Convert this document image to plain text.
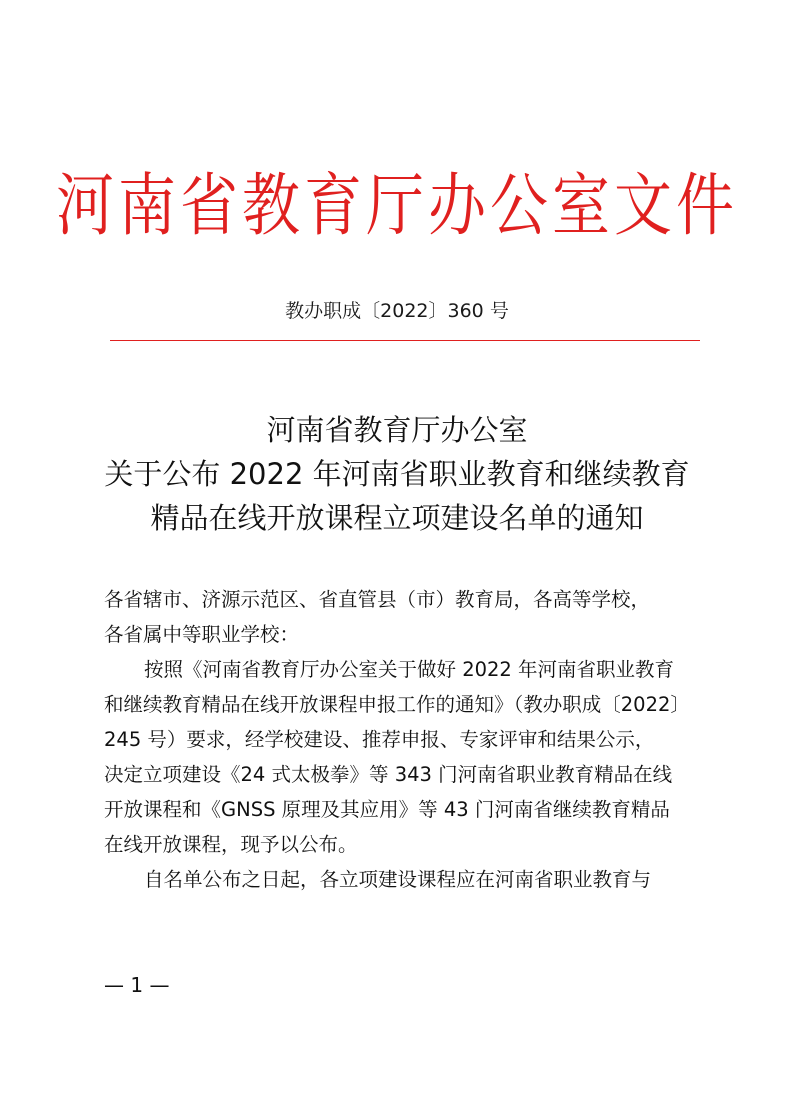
河南省教育厅办公室文件
教办职成〔2022〕360 号
河南省教育厅办公室
关于公布 2022 年河南省职业教育和继续教育
精品在线开放课程立项建设名单的通知

各省辖市、济源示范区、省直管县（市）教育局，各高等学校，
各省属中等职业学校：

按照《河南省教育厅办公室关于做好 2022 年河南省职业教育
和继续教育精品在线开放课程申报工作的通知》（教办职成〔2022〕
245 号）要求，经学校建设、推荐申报、专家评审和结果公示，
决定立项建设《24 式太极拳》等 343 门河南省职业教育精品在线
开放课程和《GNSS 原理及其应用》等 43 门河南省继续教育精品
在线开放课程，现予以公布。

自名单公布之日起，各立项建设课程应在河南省职业教育与

— 1 —
